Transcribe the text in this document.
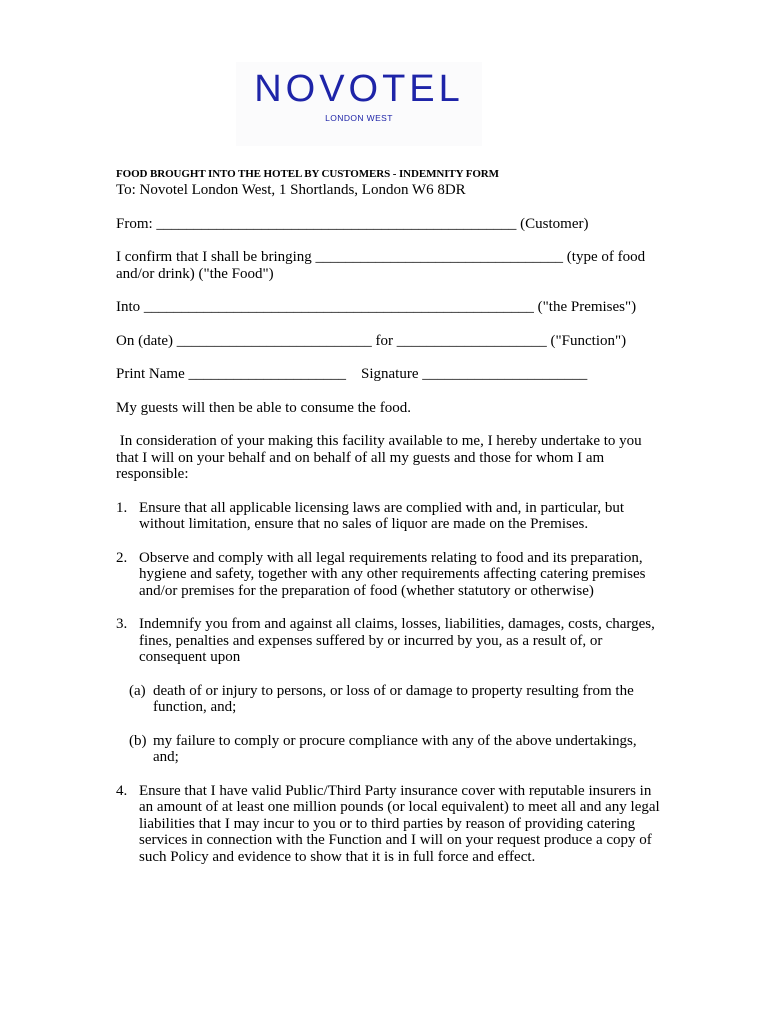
NOVOTEL
LONDON WEST

FOOD BROUGHT INTO THE HOTEL BY CUSTOMERS - INDEMNITY FORM

To: Novotel London West, 1 Shortlands, London W6 8DR

From: ________________________________________________ (Customer)

I confirm that I shall be bringing _________________________________ (type of food and/or drink) ("the Food")

Into ____________________________________________________ ("the Premises")

On (date) __________________________ for ____________________ ("Function")

Print Name _____________________    Signature ______________________

My guests will then be able to consume the food.

In consideration of your making this facility available to me, I hereby undertake to you that I will on your behalf and on behalf of all my guests and those for whom I am responsible:

1. Ensure that all applicable licensing laws are complied with and, in particular, but without limitation, ensure that no sales of liquor are made on the Premises.
2. Observe and comply with all legal requirements relating to food and its preparation, hygiene and safety, together with any other requirements affecting catering premises and/or premises for the preparation of food (whether statutory or otherwise)
3. Indemnify you from and against all claims, losses, liabilities, damages, costs, charges, fines, penalties and expenses suffered by or incurred by you, as a result of, or consequent upon
(a) death of or injury to persons, or loss of or damage to property resulting from the function, and;
(b) my failure to comply or procure compliance with any of the above undertakings, and;
4. Ensure that I have valid Public/Third Party insurance cover with reputable insurers in an amount of at least one million pounds (or local equivalent) to meet all and any legal liabilities that I may incur to you or to third parties by reason of providing catering services in connection with the Function and I will on your request produce a copy of such Policy and evidence to show that it is in full force and effect.
